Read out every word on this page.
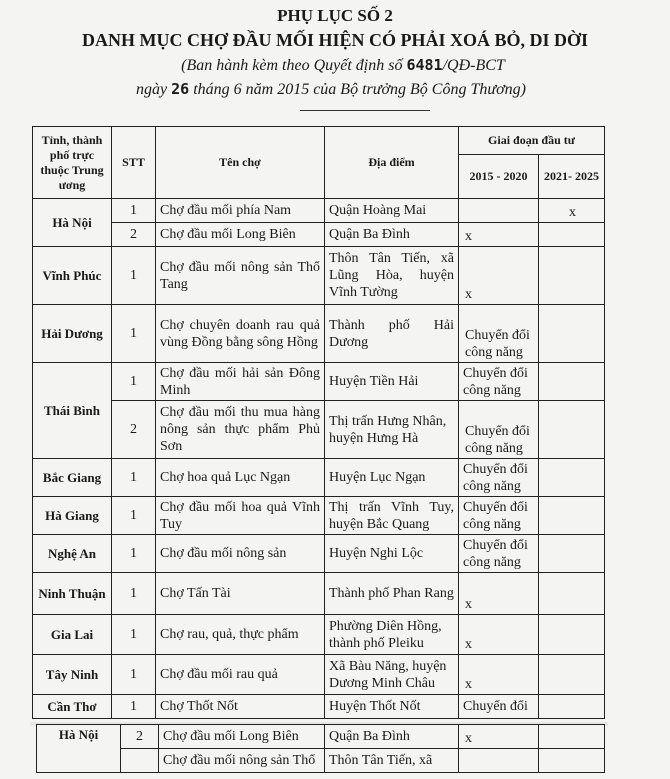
PHỤ LỤC SỐ 2
DANH MỤC CHỢ ĐẦU MỐI HIỆN CÓ PHẢI XOÁ BỎ, DI DỜI
(Ban hành kèm theo Quyết định số 6481/QĐ-BCT
ngày 26 tháng 6 năm 2015 của Bộ trưởng Bộ Công Thương)
Tỉnh, thành phố trực thuộc Trung ương	STT	Tên chợ	Địa điểm	Giai đoạn đầu tư	
				2015 - 2020	2021- 2025
Hà Nội	1	Chợ đầu mối phía Nam	Quận Hoàng Mai		x
	2	Chợ đầu mối Long Biên	Quận Ba Đình	x	
Vĩnh Phúc	1	Chợ đầu mối nông sản Thổ Tang	Thôn Tân Tiến, xã Lũng Hòa, huyện Vĩnh Tường	x	
Hải Dương	1	Chợ chuyên doanh rau quả vùng Đồng bằng sông Hồng	Thành phố Hải Dương	Chuyển đổi công năng	
Thái Bình	1	Chợ đầu mối hải sản Đông Minh	Huyện Tiền Hải	Chuyển đổi công năng	
	2	Chợ đầu mối thu mua hàng nông sản thực phẩm Phủ Sơn	Thị trấn Hưng Nhân, huyện Hưng Hà	Chuyển đổi công năng	
Bắc Giang	1	Chợ hoa quả Lục Ngạn	Huyện Lục Ngạn	Chuyển đổi công năng	
Hà Giang	1	Chợ đầu mối hoa quả Vĩnh Tuy	Thị trấn Vĩnh Tuy, huyện Bắc Quang	Chuyển đổi công năng	
Nghệ An	1	Chợ đầu mối nông sản	Huyện Nghi Lộc	Chuyển đổi công năng	
Ninh Thuận	1	Chợ Tấn Tài	Thành phố Phan Rang	x	
Gia Lai	1	Chợ rau, quả, thực phẩm	Phường Diên Hồng, thành phố Pleiku	x	
Tây Ninh	1	Chợ đầu mối rau quả	Xã Bàu Năng, huyện Dương Minh Châu	x	
Cần Thơ	1	Chợ Thốt Nốt	Huyện Thốt Nốt	Chuyển đổi	
Hà Nội	2	Chợ đầu mối Long Biên	Quận Ba Đình	x	
		Chợ đầu mối nông sản Thổ	Thôn Tân Tiến, xã		
